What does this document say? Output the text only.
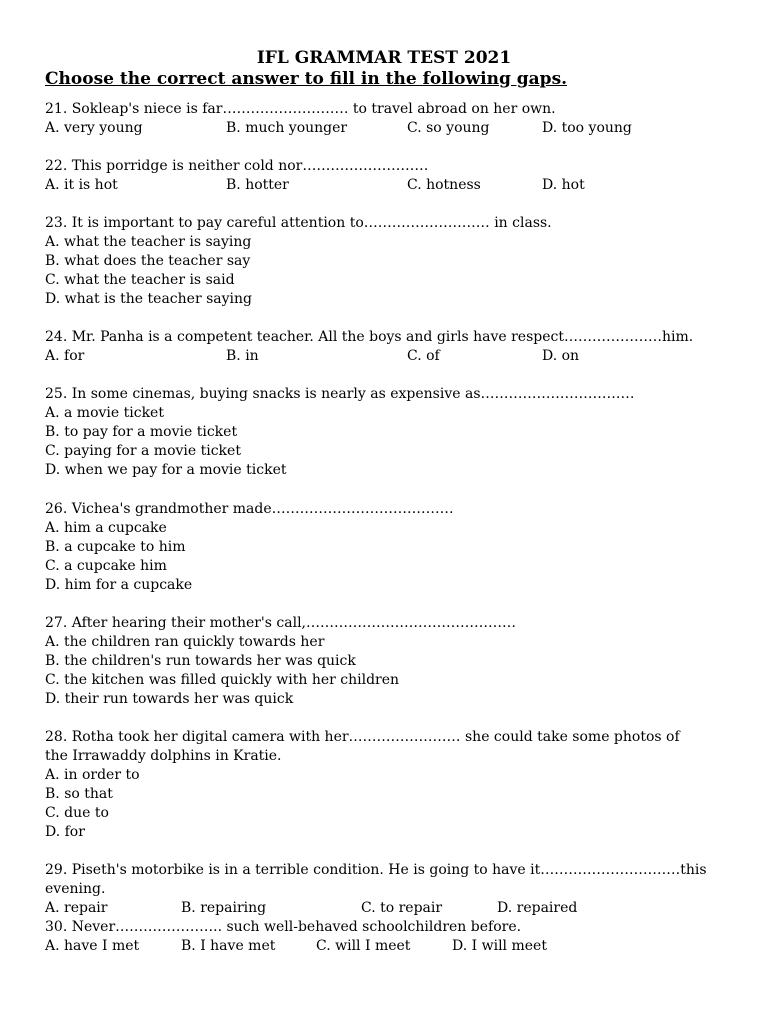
IFL GRAMMAR TEST 2021
Choose the correct answer to fill in the following gaps.
21. Sokleap's niece is far……………………… to travel abroad on her own.
A. very young	B. much younger	C. so young	D. too young
22. This porridge is neither cold nor………………………
A. it is hot	B. hotter	C. hotness	D. hot
23. It is important to pay careful attention to……………………… in class.
A. what the teacher is saying
B. what does the teacher say
C. what the teacher is said
D. what is the teacher saying
24. Mr. Panha is a competent teacher. All the boys and girls have respect…………………him.
A. for	B. in	C. of	D. on
25. In some cinemas, buying snacks is nearly as expensive as……………………………
A. a movie ticket
B. to pay for a movie ticket
C. paying for a movie ticket
D. when we pay for a movie ticket
26. Vichea's grandmother made…………………………………
A. him a cupcake
B. a cupcake to him
C. a cupcake him
D. him for a cupcake
27. After hearing their mother's call,………………………………………
A. the children ran quickly towards her
B. the children's run towards her was quick
C. the kitchen was filled quickly with her children
D. their run towards her was quick
28. Rotha took her digital camera with her…………………… she could take some photos of the Irrawaddy dolphins in Kratie.
A. in order to
B. so that
C. due to
D. for
29. Piseth's motorbike is in a terrible condition. He is going to have it…………………………this evening.
A. repair	B. repairing	C. to repair	D. repaired
30. Never………………….. such well-behaved schoolchildren before.
A. have I met	B. I have met	C. will I meet	D. I will meet
